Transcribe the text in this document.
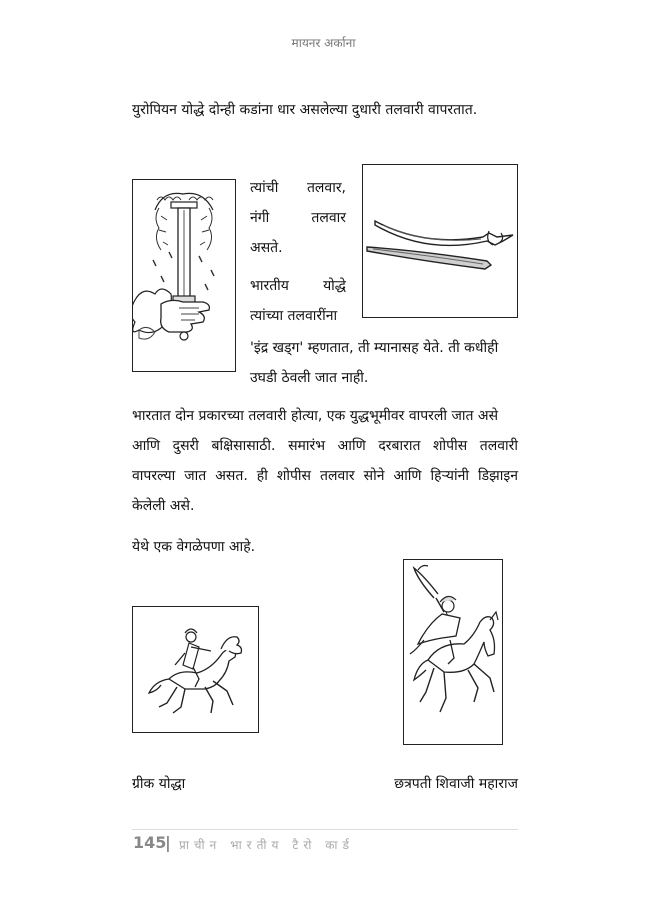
मायनर अर्काना
युरोपियन योद्धे दोन्ही कडांना धार असलेल्या दुधारी तलवारी वापरतात.
त्यांची तलवार,
नंगी	तलवार
असते.
भारतीय योद्धे
त्यांच्या तलवारींना
'इंद्र खड्ग' म्हणतात, ती म्यानासह येते. ती कधीही
उघडी ठेवली जात नाही.
भारतात दोन प्रकारच्या तलवारी होत्या, एक युद्धभूमीवर वापरली जात असे
आणि दुसरी बक्षिसासाठी. समारंभ आणि दरबारात शोपीस तलवारी
वापरल्या जात असत. ही शोपीस तलवार सोने आणि हिऱ्यांनी डिझाइन
केलेली असे.
येथे एक वेगळेपणा आहे.
ग्रीक योद्धा	छत्रपती शिवाजी महाराज
145
| प्राचीन भारतीय टैरो कार्ड
